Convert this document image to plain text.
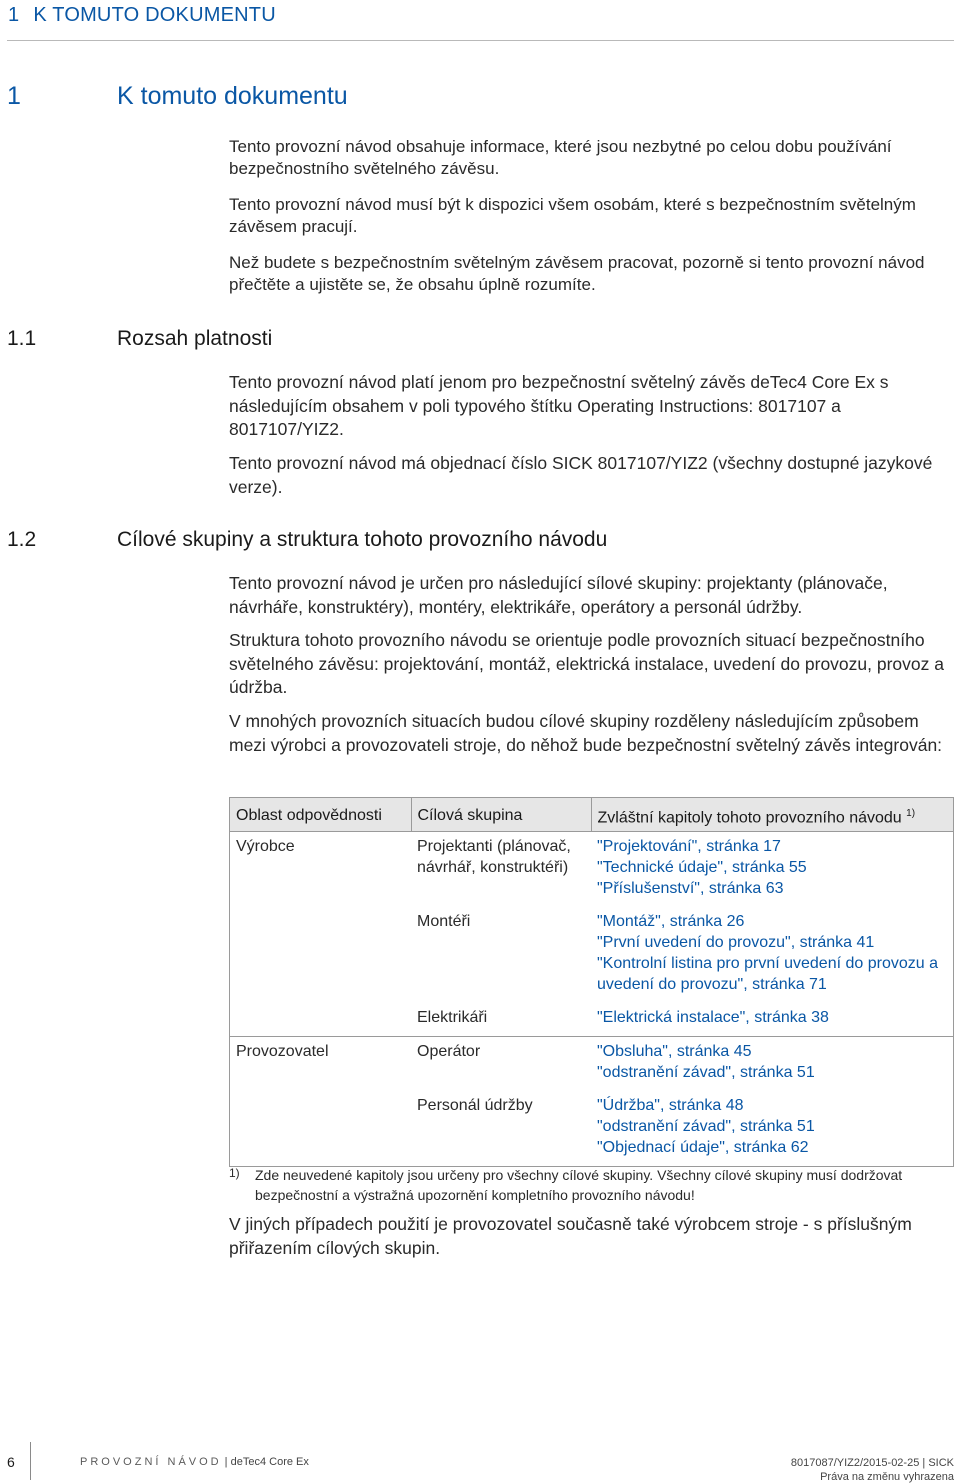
1 K TOMUTO DOKUMENTU
1	K tomuto dokumentu
Tento provozní návod obsahuje informace, které jsou nezbytné po celou dobu používání bezpečnostního světelného závěsu.
Tento provozní návod musí být k dispozici všem osobám, které s bezpečnostním světelným závěsem pracují.
Než budete s bezpečnostním světelným závěsem pracovat, pozorně si tento provozní návod přečtěte a ujistěte se, že obsahu úplně rozumíte.
1.1	Rozsah platnosti
Tento provozní návod platí jenom pro bezpečnostní světelný závěs deTec4 Core Ex s následujícím obsahem v poli typového štítku Operating Instructions: 8017107 a 8017107/YIZ2.
Tento provozní návod má objednací číslo SICK 8017107/YIZ2 (všechny dostupné jazykové verze).
1.2	Cílové skupiny a struktura tohoto provozního návodu
Tento provozní návod je určen pro následující sílové skupiny: projektanty (plánovače, návrháře, konstruktéry), montéry, elektrikáře, operátory a personál údržby.
Struktura tohoto provozního návodu se orientuje podle provozních situací bezpečnostního světelného závěsu: projektování, montáž, elektrická instalace, uvedení do provozu, provoz a údržba.
V mnohých provozních situacích budou cílové skupiny rozděleny následujícím způsobem mezi výrobci a provozovateli stroje, do něhož bude bezpečnostní světelný závěs integrován:
Oblast odpovědnosti	Cílová skupina	Zvláštní kapitoly tohoto provozního návodu $^{1)}$
Výrobce	Projektanti (plánovač, návrhář, konstruktéři)	"Projektování", stránka 17
"Technické údaje", stránka 55
"Příslušenství", stránka 63

	Montéři	"Montáž", stránka 26
"První uvedení do provozu", stránka 41
"Kontrolní listina pro první uvedení do provozu a uvedení do provozu", stránka 71

	Elektrikáři	"Elektrická instalace", stránka 38

Provozovatel	Operátor	"Obsluha", stránka 45
"odstranění závad", stránka 51

	Personál údržby	"Údržba", stránka 48
"odstranění závad", stránka 51
"Objednací údaje", stránka 62
1) Zde neuvedené kapitoly jsou určeny pro všechny cílové skupiny. Všechny cílové skupiny musí dodržovat bezpečnostní a výstražná upozornění kompletního provozního návodu!
V jiných případech použití je provozovatel současně také výrobcem stroje - s příslušným přiřazením cílových skupin.
6	PROVOZNÍ NÁVOD | deTec4 Core Ex	8017087/YIZ2/2015-02-25 | SICK
Práva na změnu vyhrazena
